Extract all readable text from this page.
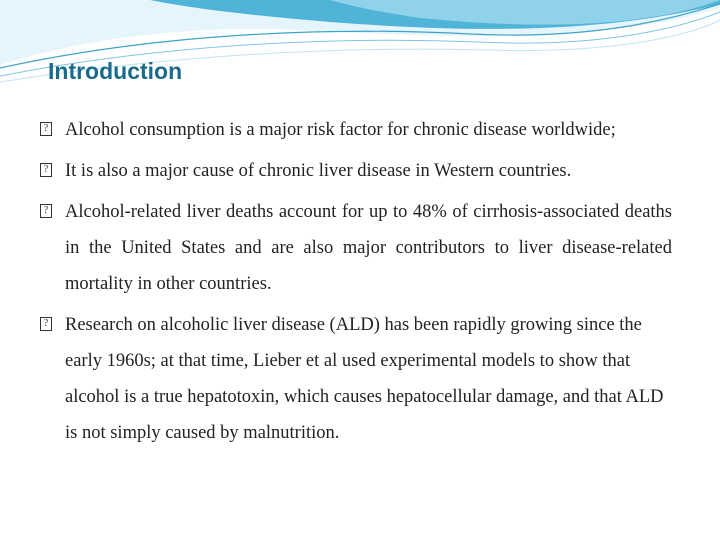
Introduction
? Alcohol consumption is a major risk factor for chronic disease worldwide;
? It is also a major cause of chronic liver disease in Western countries.
? Alcohol-related liver deaths account for up to 48% of cirrhosis-associated deaths in the United States and are also major contributors to liver disease-related mortality in other countries.
? Research on alcoholic liver disease (ALD) has been rapidly growing since the early 1960s; at that time, Lieber et al used experimental models to show that alcohol is a true hepatotoxin, which causes hepatocellular damage, and that ALD is not simply caused by malnutrition.
